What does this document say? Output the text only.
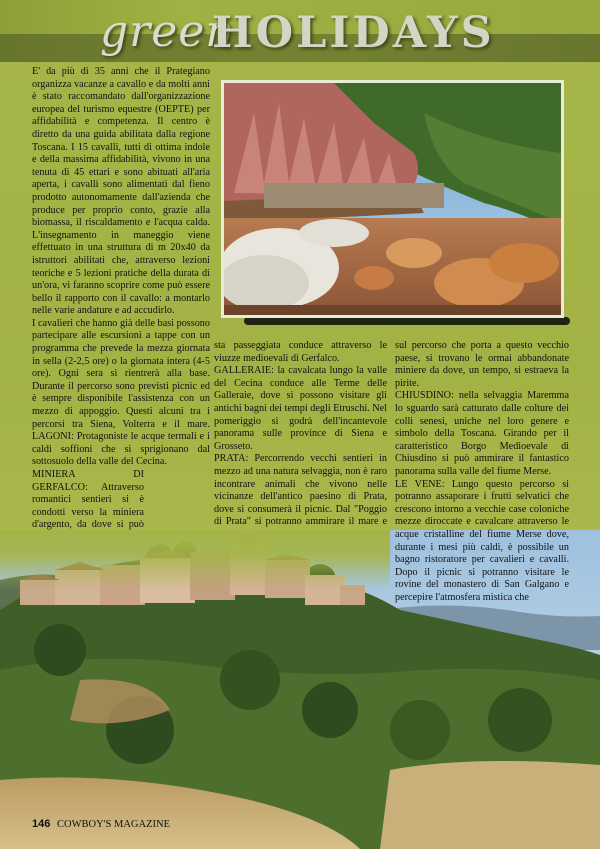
green
HOLIDAYS

E' da più di 35 anni che il Prategiano organizza vacanze a cavallo e da molti anni è stato raccomandato dall'organizzazione europea del turismo equestre (OEPTE) per affidabilità e competenza. Il centro è diretto da una guida abilitata dalla regione Toscana. I 15 cavalli, tutti di ottima indole e della massima affidabilità, vivono in una tenuta di 45 ettari e sono abituati all'aria aperta, i cavalli sono alimentati dal fieno prodotto autonomamente dall'azienda che produce per proprio conto, grazie alla biomassa, il riscaldamento e l'acqua calda. L'insegnamento in maneggio viene effettuato in una struttura di m 20x40 da istruttori abilitati che, attraverso lezioni teoriche e 5 lezioni pratiche della durata di un'ora, vi faranno scoprire come può essere bello il rapporto con il cavallo: a montarlo nelle varie andature e ad accudirlo.

I cavalieri che hanno già delle basi possono partecipare alle escursioni a tappe con un programma che prevede la mezza giornata in sella (2-2,5 ore) o la giornata intera (4-5 ore). Ogni sera si rientrerà alla base. Durante il percorso sono previsti picnic ed è sempre disponibile l'assistenza con un mezzo di appoggio. Questi alcuni tra i percorsi tra Siena, Volterra e il mare. LAGONI: Protagoniste le acque termali e i caldi soffioni che si sprigionano dal sottosuolo della valle del Cecina.

MINIERA DI GERFALCO: Attraverso romantici sentieri si è condotti verso la miniera d'argento, da dove si può

sta passeggiata conduce attraverso le viuzze medioevali di Gerfalco.

GALLERAIE: la cavalcata lungo la valle del Cecina conduce alle Terme delle Galleraie, dove si possono visitare gli antichi bagni dei tempi degli Etruschi. Nel pomeriggio si godrà dell'incantevole panorama sulle province di Siena e Grosseto.

PRATA: Percorrendo vecchi sentieri in mezzo ad una natura selvaggia, non è raro incontrare animali che vivono nelle vicinanze dell'antico paesino di Prata, dove si consumerà il picnic. Dal "Poggio di Prata" si potranno ammirare il mare e

sul percorso che porta a questo vecchio paese, si trovano le ormai abbandonate miniere da dove, un tempo, si estraeva la pirite.

CHIUSDINO: nella selvaggia Maremma lo sguardo sarà catturato dalle colture dei colli senesi, uniche nel loro genere e simbolo della Toscana. Girando per il caratteristico Borgo Medioevale di Chiusdino si può ammirare il fantastico panorama sulla valle del fiume Merse.

LE VENE: Lungo questo percorso si potranno assaporare i frutti selvatici che crescono intorno a vecchie case coloniche mezze diroccate e cavalcare attraverso le acque cristalline del fiume Merse dove, durante i mesi più caldi, è possibile un bagno ristoratore per cavalieri e cavalli. Dopo il picnic si potranno visitare le rovine del monastero di San Galgano e percepire l'atmosfera mistica che

146 COWBOY'S MAGAZINE
